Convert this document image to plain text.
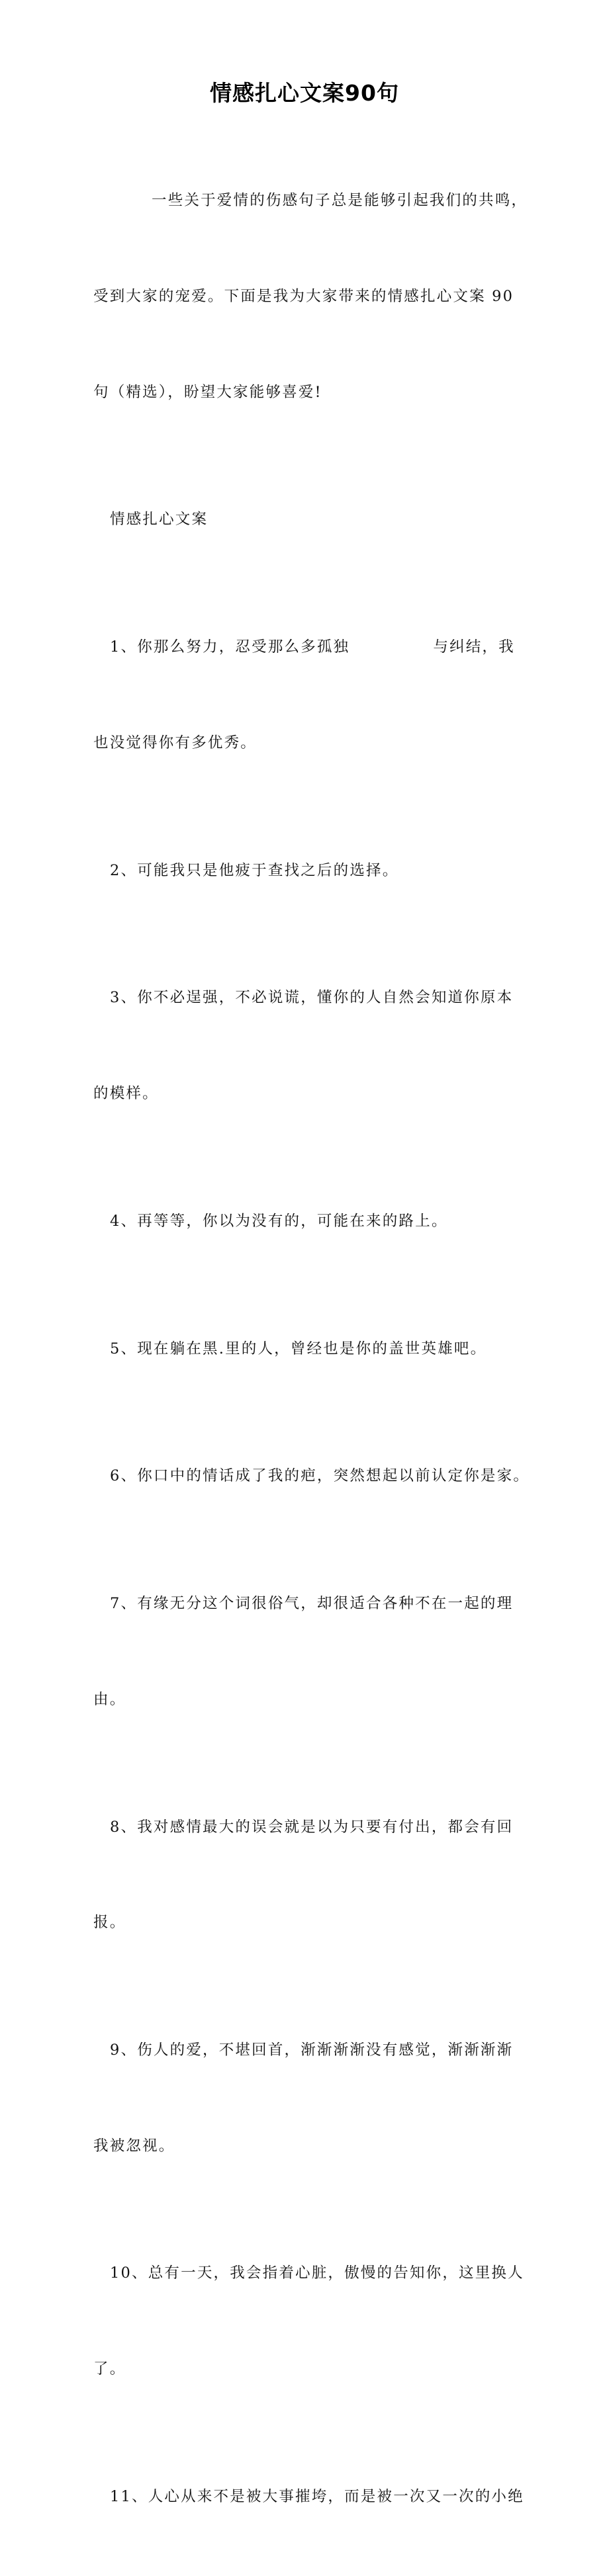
情感扎心文案90句

一些关于爱情的伤感句子总是能够引起我们的共鸣，

受到大家的宠爱。下面是我为大家带来的情感扎心文案 90

句（精选），盼望大家能够喜爱!

情感扎心文案

1、你那么努力，忍受那么多孤独	与纠结，我

也没觉得你有多优秀。

2、可能我只是他疲于查找之后的选择。

3、你不必逞强，不必说谎，懂你的人自然会知道你原本

的模样。

4、再等等，你以为没有的，可能在来的路上。

5、现在躺在黑.里的人，曾经也是你的盖世英雄吧。

6、你口中的情话成了我的疤，突然想起以前认定你是家。

7、有缘无分这个词很俗气，却很适合各种不在一起的理

由。

8、我对感情最大的误会就是以为只要有付出，都会有回

报。

9、伤人的爱，不堪回首，渐渐渐渐没有感觉，渐渐渐渐

我被忽视。

10、总有一天，我会指着心脏，傲慢的告知你，这里换人

了。

11、人心从来不是被大事摧垮，而是被一次又一次的小绝
